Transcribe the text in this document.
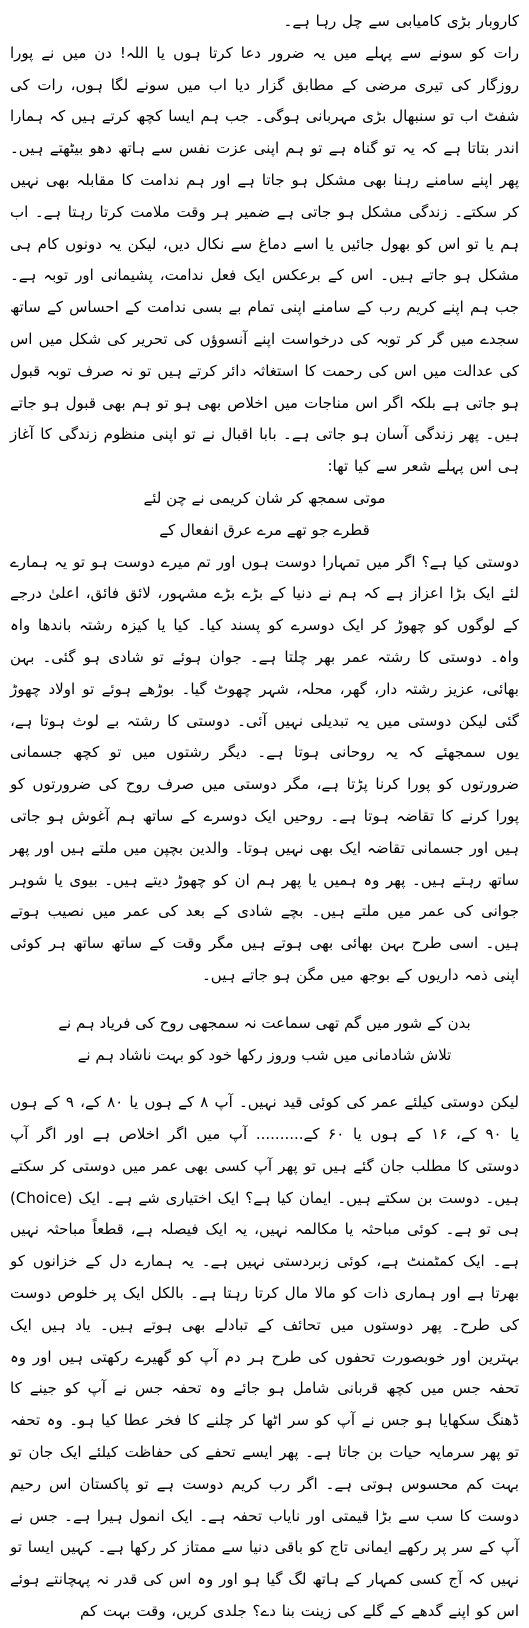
کاروبار بڑی کامیابی سے چل رہا ہے۔

رات کو سونے سے پہلے میں یہ ضرور دعا کرتا ہوں یا اللہ! دن میں نے پورا روزگار کی تیری مرضی کے مطابق گزار دیا اب میں سونے لگا ہوں، رات کی شفٹ اب تو سنبھال بڑی مہربانی ہوگی۔ جب ہم ایسا کچھ کرتے ہیں کہ ہمارا اندر بتاتا ہے کہ یہ تو گناہ ہے تو ہم اپنی عزت نفس سے ہاتھ دھو بیٹھتے ہیں۔ پھر اپنے سامنے رہنا بھی مشکل ہو جاتا ہے اور ہم ندامت کا مقابلہ بھی نہیں کر سکتے۔ زندگی مشکل ہو جاتی ہے ضمیر ہر وقت ملامت کرتا رہتا ہے۔ اب ہم یا تو اس کو بھول جائیں یا اسے دماغ سے نکال دیں، لیکن یہ دونوں کام ہی مشکل ہو جاتے ہیں۔ اس کے برعکس ایک فعل ندامت، پشیمانی اور توبہ ہے۔ جب ہم اپنے کریم رب کے سامنے اپنی تمام بے بسی ندامت کے احساس کے ساتھ سجدے میں گر کر توبہ کی درخواست اپنے آنسوؤں کی تحریر کی شکل میں اس کی عدالت میں اس کی رحمت کا استغاثہ دائر کرتے ہیں تو نہ صرف توبہ قبول ہو جاتی ہے بلکہ اگر اس مناجات میں اخلاص بھی ہو تو ہم بھی قبول ہو جاتے ہیں۔ پھر زندگی آسان ہو جاتی ہے۔ بابا اقبال نے تو اپنی منظوم زندگی کا آغاز ہی اس پہلے شعر سے کیا تھا:

موتی سمجھ کر شان کریمی نے چن لئے
قطرے جو تھے مرے عرق انفعال کے

دوستی کیا ہے؟ اگر میں تمہارا دوست ہوں اور تم میرے دوست ہو تو یہ ہمارے لئے ایک بڑا اعزاز ہے کہ ہم نے دنیا کے بڑے بڑے مشہور، لائق فائق، اعلیٰ درجے کے لوگوں کو چھوڑ کر ایک دوسرے کو پسند کیا۔ کیا یا کیزہ رشتہ باندھا واہ واہ۔ دوستی کا رشتہ عمر بھر چلتا ہے۔ جوان ہوئے تو شادی ہو گئی۔ بہن بھائی، عزیز رشتہ دار، گھر، محلہ، شہر چھوٹ گیا۔ بوڑھے ہوئے تو اولاد چھوڑ گئی لیکن دوستی میں یہ تبدیلی نہیں آئی۔ دوستی کا رشتہ بے لوث ہوتا ہے، یوں سمجھئے کہ یہ روحانی ہوتا ہے۔ دیگر رشتوں میں تو کچھ جسمانی ضرورتوں کو پورا کرنا پڑتا ہے، مگر دوستی میں صرف روح کی ضرورتوں کو پورا کرنے کا تقاضہ ہوتا ہے۔ روحیں ایک دوسرے کے ساتھ ہم آغوش ہو جاتی ہیں اور جسمانی تقاضہ ایک بھی نہیں ہوتا۔ والدین بچپن میں ملتے ہیں اور پھر ساتھ رہتے ہیں۔ پھر وہ ہمیں یا پھر ہم ان کو چھوڑ دیتے ہیں۔ بیوی یا شوہر جوانی کی عمر میں ملتے ہیں۔ بچے شادی کے بعد کی عمر میں نصیب ہوتے ہیں۔ اسی طرح بہن بھائی بھی ہوتے ہیں مگر وقت کے ساتھ ساتھ ہر کوئی اپنی ذمہ داریوں کے بوجھ میں مگن ہو جاتے ہیں۔

بدن کے شور میں گم تھی سماعت نہ سمجھی روح کی فریاد ہم نے
تلاش شادمانی میں شب وروز رکھا خود کو بہت ناشاد ہم نے

لیکن دوستی کیلئے عمر کی کوئی قید نہیں۔ آپ ۸ کے ہوں یا ۸۰ کے، ۹ کے ہوں یا ۹۰ کے، ۱۶ کے ہوں یا ۶۰ کے.......... آپ میں اگر اخلاص ہے اور اگر آپ دوستی کا مطلب جان گئے ہیں تو پھر آپ کسی بھی عمر میں دوستی کر سکتے ہیں۔ دوست بن سکتے ہیں۔ ایمان کیا ہے؟ ایک اختیاری شے ہے۔ ایک (Choice) ہی تو ہے۔ کوئی مباحثہ یا مکالمہ نہیں، یہ ایک فیصلہ ہے، قطعاً مباحثہ نہیں ہے۔ ایک کمٹمنٹ ہے، کوئی زبردستی نہیں ہے۔ یہ ہمارے دل کے خزانوں کو بھرتا ہے اور ہماری ذات کو مالا مال کرتا رہتا ہے۔ بالکل ایک پر خلوص دوست کی طرح۔ پھر دوستوں میں تحائف کے تبادلے بھی ہوتے ہیں۔ یاد ہیں ایک بہترین اور خوبصورت تحفوں کی طرح ہر دم آپ کو گھیرے رکھتی ہیں اور وہ تحفہ جس میں کچھ قربانی شامل ہو جائے وہ تحفہ جس نے آپ کو جینے کا ڈھنگ سکھایا ہو جس نے آپ کو سر اٹھا کر چلنے کا فخر عطا کیا ہو۔ وہ تحفہ تو پھر سرمایہ حیات بن جاتا ہے۔ پھر ایسے تحفے کی حفاظت کیلئے ایک جان تو بہت کم محسوس ہوتی ہے۔ اگر رب کریم دوست ہے تو پاکستان اس رحیم دوست کا سب سے بڑا قیمتی اور نایاب تحفہ ہے۔ ایک انمول ہیرا ہے۔ جس نے آپ کے سر پر رکھے ایمانی تاج کو باقی دنیا سے ممتاز کر رکھا ہے۔ کہیں ایسا تو نہیں کہ آج کسی کمہار کے ہاتھ لگ گیا ہو اور وہ اس کی قدر نہ پہچانتے ہوئے اس کو اپنے گدھے کے گلے کی زینت بنا دے؟ جلدی کریں، وقت بہت کم
